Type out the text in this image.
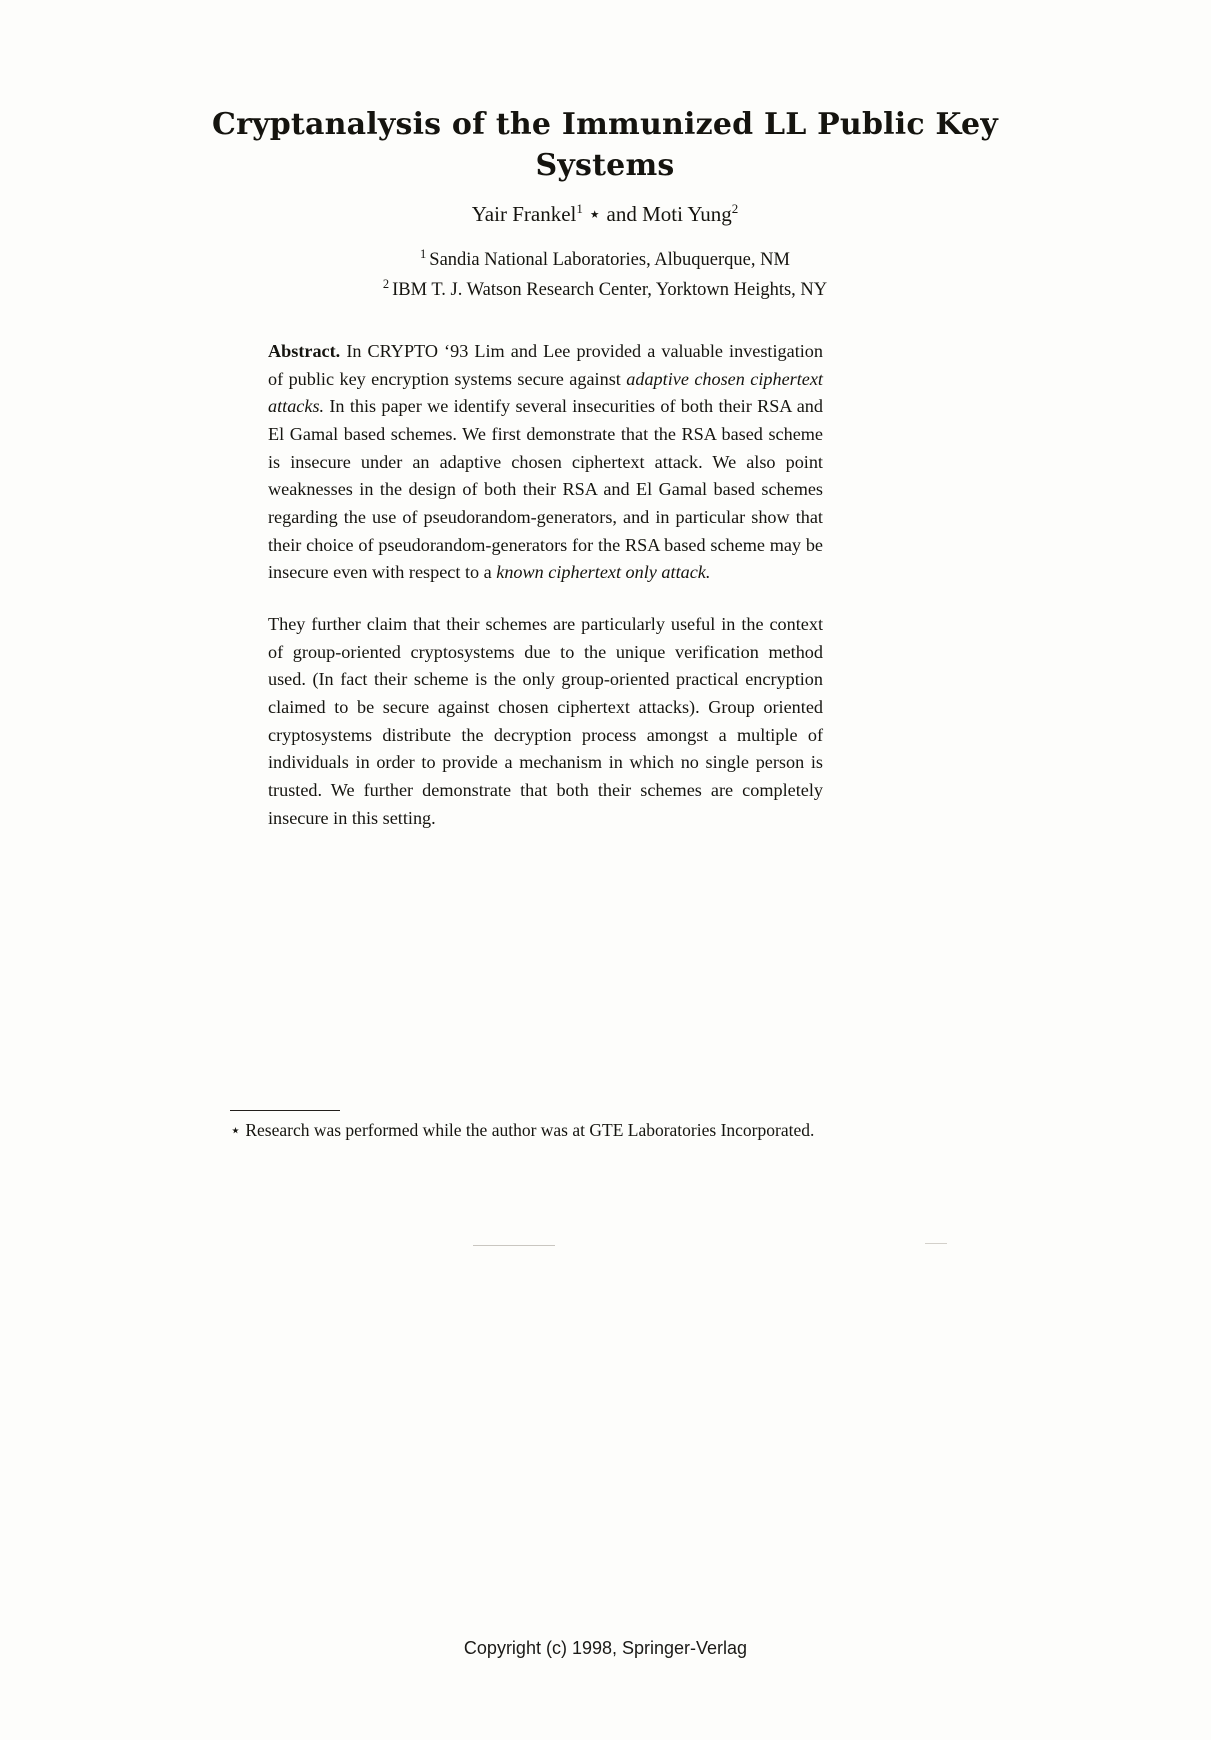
Cryptanalysis of the Immunized LL Public Key Systems
Yair Frankel$^1$ ⋆ and Moti Yung$^2$
$^1$ Sandia National Laboratories, Albuquerque, NM
$^2$ IBM T. J. Watson Research Center, Yorktown Heights, NY

Abstract. In CRYPTO ‘93 Lim and Lee provided a valuable investigation of public key encryption systems secure against adaptive chosen ciphertext attacks. In this paper we identify several insecurities of both their RSA and El Gamal based schemes. We first demonstrate that the RSA based scheme is insecure under an adaptive chosen ciphertext attack. We also point weaknesses in the design of both their RSA and El Gamal based schemes regarding the use of pseudorandom-generators, and in particular show that their choice of pseudorandom-generators for the RSA based scheme may be insecure even with respect to a known ciphertext only attack.

They further claim that their schemes are particularly useful in the context of group-oriented cryptosystems due to the unique verification method used. (In fact their scheme is the only group-oriented practical encryption claimed to be secure against chosen ciphertext attacks). Group oriented cryptosystems distribute the decryption process amongst a multiple of individuals in order to provide a mechanism in which no single person is trusted. We further demonstrate that both their schemes are completely insecure in this setting.

⋆ Research was performed while the author was at GTE Laboratories Incorporated.
Copyright (c) 1998, Springer-Verlag
